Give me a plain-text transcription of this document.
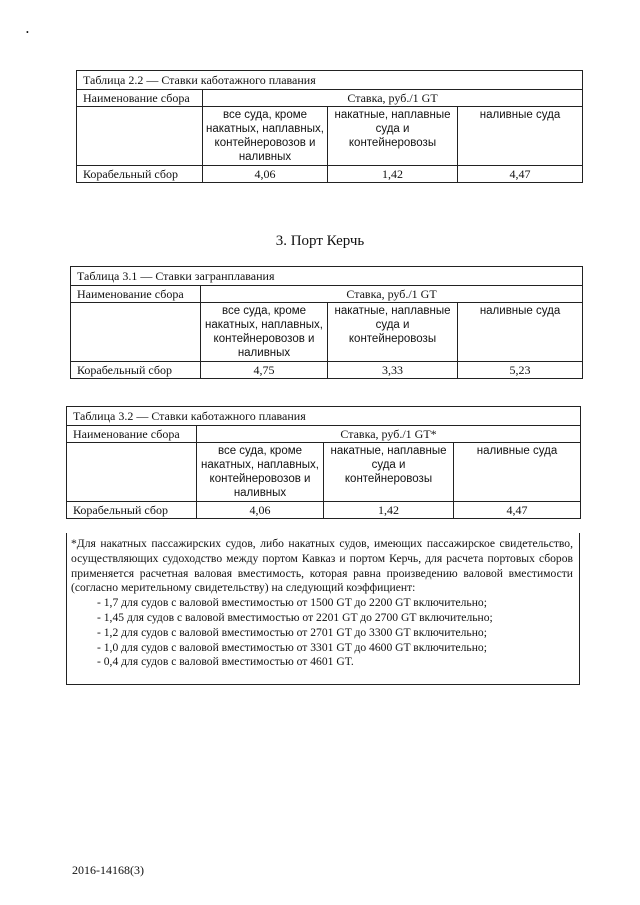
•
Таблица 2.2 — Ставки каботажного плавания			
Наименование сбора	Ставка, руб./1 GT		
	все суда, кроме накатных, наплавных, контейнеровозов и наливных	накатные, наплавные суда и контейнеровозы	наливные суда
Корабельный сбор	4,06	1,42	4,47
3. Порт Керчь
Таблица 3.1 — Ставки загранплавания			
Наименование сбора	Ставка, руб./1 GT		
	все суда, кроме накатных, наплавных, контейнеровозов и наливных	накатные, наплавные суда и контейнеровозы	наливные суда
Корабельный сбор	4,75	3,33	5,23
Таблица 3.2 — Ставки каботажного плавания			
Наименование сбора	Ставка, руб./1 GT*		
	все суда, кроме накатных, наплавных, контейнеровозов и наливных	накатные, наплавные суда и контейнеровозы	наливные суда
Корабельный сбор	4,06	1,42	4,47

*Для накатных пассажирских судов, либо накатных судов, имеющих пассажирское свидетельство, осуществляющих судоходство между портом Кавказ и портом Керчь, для расчета портовых сборов применяется расчетная валовая вместимость, которая равна произведению валовой вместимости (согласно мерительному свидетельству) на следующий коэффициент:

- 1,7 для судов с валовой вместимостью от 1500 GT до 2200 GT включительно;
- 1,45 для судов с валовой вместимостью от 2201 GT до 2700 GT включительно;
- 1,2 для судов с валовой вместимостью от 2701 GT до 3300 GT включительно;
- 1,0 для судов с валовой вместимостью от 3301 GT до 4600 GT включительно;
- 0,4 для судов с валовой вместимостью от 4601 GT.
2016-14168(3)
